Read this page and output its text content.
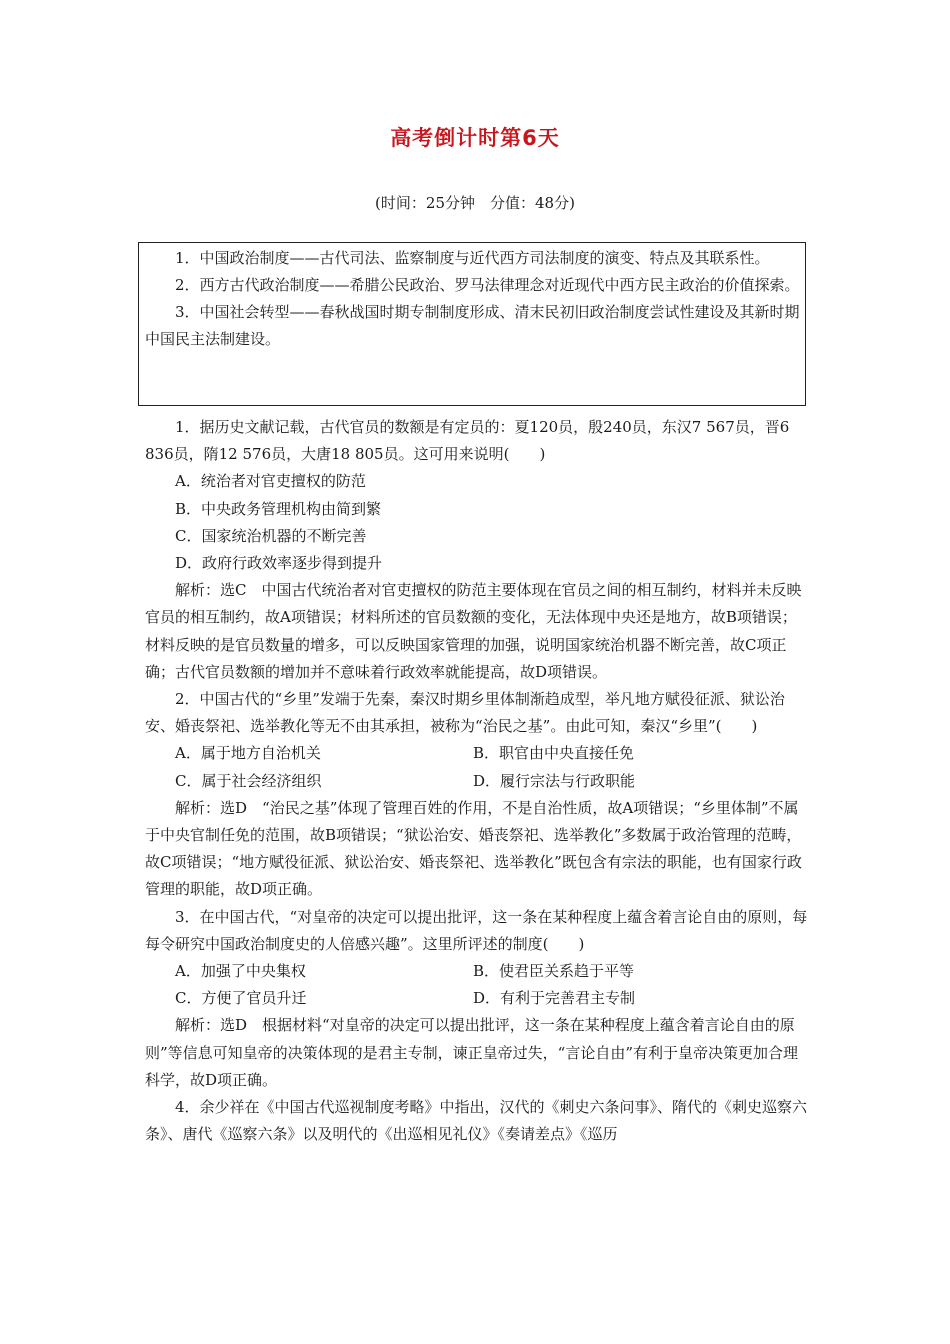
高考倒计时第6天
(时间：25分钟　分值：48分)

1．中国政治制度——古代司法、监察制度与近代西方司法制度的演变、特点及其联系性。

2．西方古代政治制度——希腊公民政治、罗马法律理念对近现代中西方民主政治的价值探索。

3．中国社会转型——春秋战国时期专制制度形成、清末民初旧政治制度尝试性建设及其新时期中国民主法制建设。

1．据历史文献记载，古代官员的数额是有定员的：夏120员，殷240员，东汉7 567员，晋6 836员，隋12 576员，大唐18 805员。这可用来说明(　　)

A．统治者对官吏擅权的防范

B．中央政务管理机构由简到繁

C．国家统治机器的不断完善

D．政府行政效率逐步得到提升

解析：选C　中国古代统治者对官吏擅权的防范主要体现在官员之间的相互制约，材料并未反映官员的相互制约，故A项错误；材料所述的官员数额的变化，无法体现中央还是地方，故B项错误；材料反映的是官员数量的增多，可以反映国家管理的加强，说明国家统治机器不断完善，故C项正确；古代官员数额的增加并不意味着行政效率就能提高，故D项错误。

2．中国古代的“乡里”发端于先秦，秦汉时期乡里体制渐趋成型，举凡地方赋役征派、狱讼治安、婚丧祭祀、选举教化等无不由其承担，被称为“治民之基”。由此可知，秦汉“乡里”(　　)

A．属于地方自治机关	B．职官由中央直接任免
C．属于社会经济组织	D．履行宗法与行政职能

解析：选D　“治民之基”体现了管理百姓的作用，不是自治性质，故A项错误；“乡里体制”不属于中央官制任免的范围，故B项错误；“狱讼治安、婚丧祭祀、选举教化”多数属于政治管理的范畴，故C项错误；“地方赋役征派、狱讼治安、婚丧祭祀、选举教化”既包含有宗法的职能，也有国家行政管理的职能，故D项正确。

3．在中国古代，“对皇帝的决定可以提出批评，这一条在某种程度上蕴含着言论自由的原则，每每令研究中国政治制度史的人倍感兴趣”。这里所评述的制度(　　)

A．加强了中央集权	B．使君臣关系趋于平等
C．方便了官员升迁	D．有利于完善君主专制

解析：选D　根据材料“对皇帝的决定可以提出批评，这一条在某种程度上蕴含着言论自由的原则”等信息可知皇帝的决策体现的是君主专制，谏正皇帝过失，“言论自由”有利于皇帝决策更加合理科学，故D项正确。

4．余少祥在《中国古代巡视制度考略》中指出，汉代的《刺史六条问事》、隋代的《刺史巡察六条》、唐代《巡察六条》以及明代的《出巡相见礼仪》《奏请差点》《巡历
